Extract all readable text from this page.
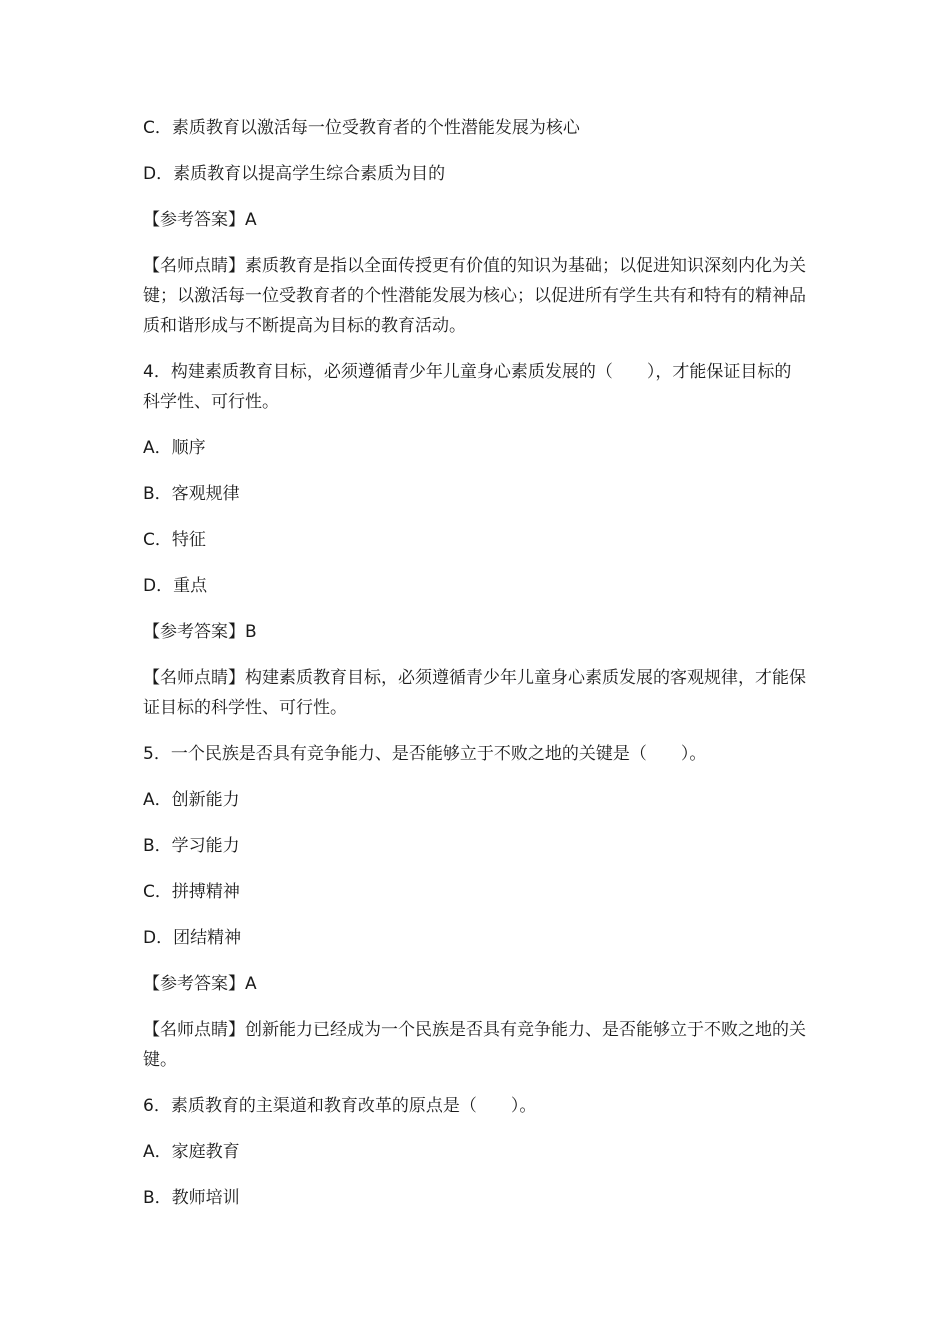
C．素质教育以激活每一位受教育者的个性潜能发展为核心

D．素质教育以提高学生综合素质为目的

【参考答案】A

【名师点睛】素质教育是指以全面传授更有价值的知识为基础；以促进知识深刻内化为关键；以激活每一位受教育者的个性潜能发展为核心；以促进所有学生共有和特有的精神品质和谐形成与不断提高为目标的教育活动。

4．构建素质教育目标，必须遵循青少年儿童身心素质发展的（　　），才能保证目标的科学性、可行性。

A．顺序

B．客观规律

C．特征

D．重点

【参考答案】B

【名师点睛】构建素质教育目标，必须遵循青少年儿童身心素质发展的客观规律，才能保证目标的科学性、可行性。

5．一个民族是否具有竞争能力、是否能够立于不败之地的关键是（　　）。

A．创新能力

B．学习能力

C．拼搏精神

D．团结精神

【参考答案】A

【名师点睛】创新能力已经成为一个民族是否具有竞争能力、是否能够立于不败之地的关键。

6．素质教育的主渠道和教育改革的原点是（　　）。

A．家庭教育

B．教师培训
